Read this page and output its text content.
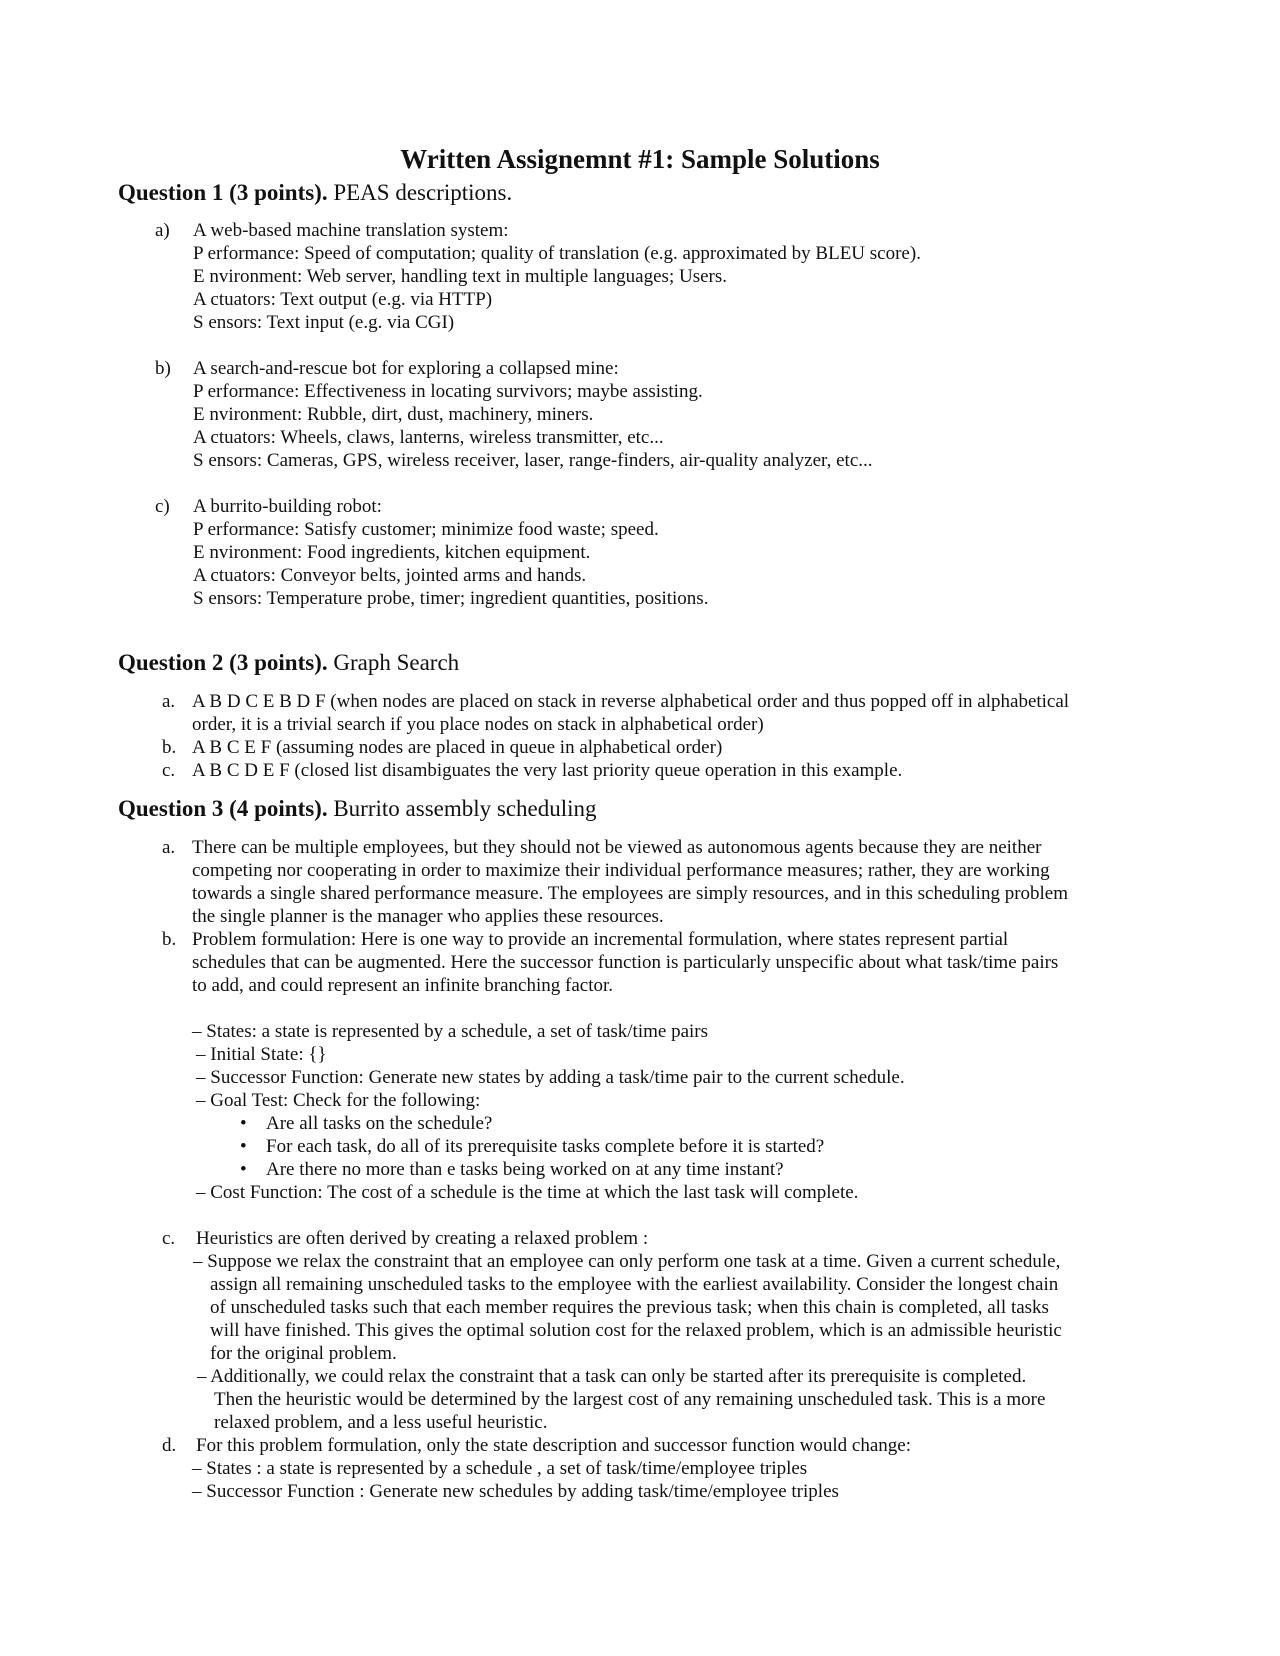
Written Assignemnt #1: Sample Solutions
Question 1 (3 points). PEAS descriptions.
a) A web-based machine translation system:
P erformance: Speed of computation; quality of translation (e.g. approximated by BLEU score).
E nvironment: Web server, handling text in multiple languages; Users.
A ctuators: Text output (e.g. via HTTP)
S ensors: Text input (e.g. via CGI)
b) A search-and-rescue bot for exploring a collapsed mine:
P erformance: Effectiveness in locating survivors; maybe assisting.
E nvironment: Rubble, dirt, dust, machinery, miners.
A ctuators: Wheels, claws, lanterns, wireless transmitter, etc...
S ensors: Cameras, GPS, wireless receiver, laser, range-finders, air-quality analyzer, etc...
c) A burrito-building robot:
P erformance: Satisfy customer; minimize food waste; speed.
E nvironment: Food ingredients, kitchen equipment.
A ctuators: Conveyor belts, jointed arms and hands.
S ensors: Temperature probe, timer; ingredient quantities, positions.
Question 2 (3 points). Graph Search
a. A B D C E B D F (when nodes are placed on stack in reverse alphabetical order and thus popped off in alphabetical
order, it is a trivial search if you place nodes on stack in alphabetical order)
b. A B C E F (assuming nodes are placed in queue in alphabetical order)
c. A B C D E F (closed list disambiguates the very last priority queue operation in this example.
Question 3 (4 points). Burrito assembly scheduling
a. There can be multiple employees, but they should not be viewed as autonomous agents because they are neither
competing nor cooperating in order to maximize their individual performance measures; rather, they are working
towards a single shared performance measure. The employees are simply resources, and in this scheduling problem
the single planner is the manager who applies these resources.
b. Problem formulation: Here is one way to provide an incremental formulation, where states represent partial
schedules that can be augmented. Here the successor function is particularly unspecific about what task/time pairs
to add, and could represent an infinite branching factor.
– States: a state is represented by a schedule, a set of task/time pairs
– Initial State: {}
– Successor Function: Generate new states by adding a task/time pair to the current schedule.
– Goal Test: Check for the following:
• Are all tasks on the schedule?
• For each task, do all of its prerequisite tasks complete before it is started?
• Are there no more than e tasks being worked on at any time instant?
– Cost Function: The cost of a schedule is the time at which the last task will complete.
c. Heuristics are often derived by creating a relaxed problem :
– Suppose we relax the constraint that an employee can only perform one task at a time. Given a current schedule,
assign all remaining unscheduled tasks to the employee with the earliest availability. Consider the longest chain
of unscheduled tasks such that each member requires the previous task; when this chain is completed, all tasks
will have finished. This gives the optimal solution cost for the relaxed problem, which is an admissible heuristic
for the original problem.
– Additionally, we could relax the constraint that a task can only be started after its prerequisite is completed.
Then the heuristic would be determined by the largest cost of any remaining unscheduled task. This is a more
relaxed problem, and a less useful heuristic.
d. For this problem formulation, only the state description and successor function would change:
– States : a state is represented by a schedule , a set of task/time/employee triples
– Successor Function : Generate new schedules by adding task/time/employee triples
